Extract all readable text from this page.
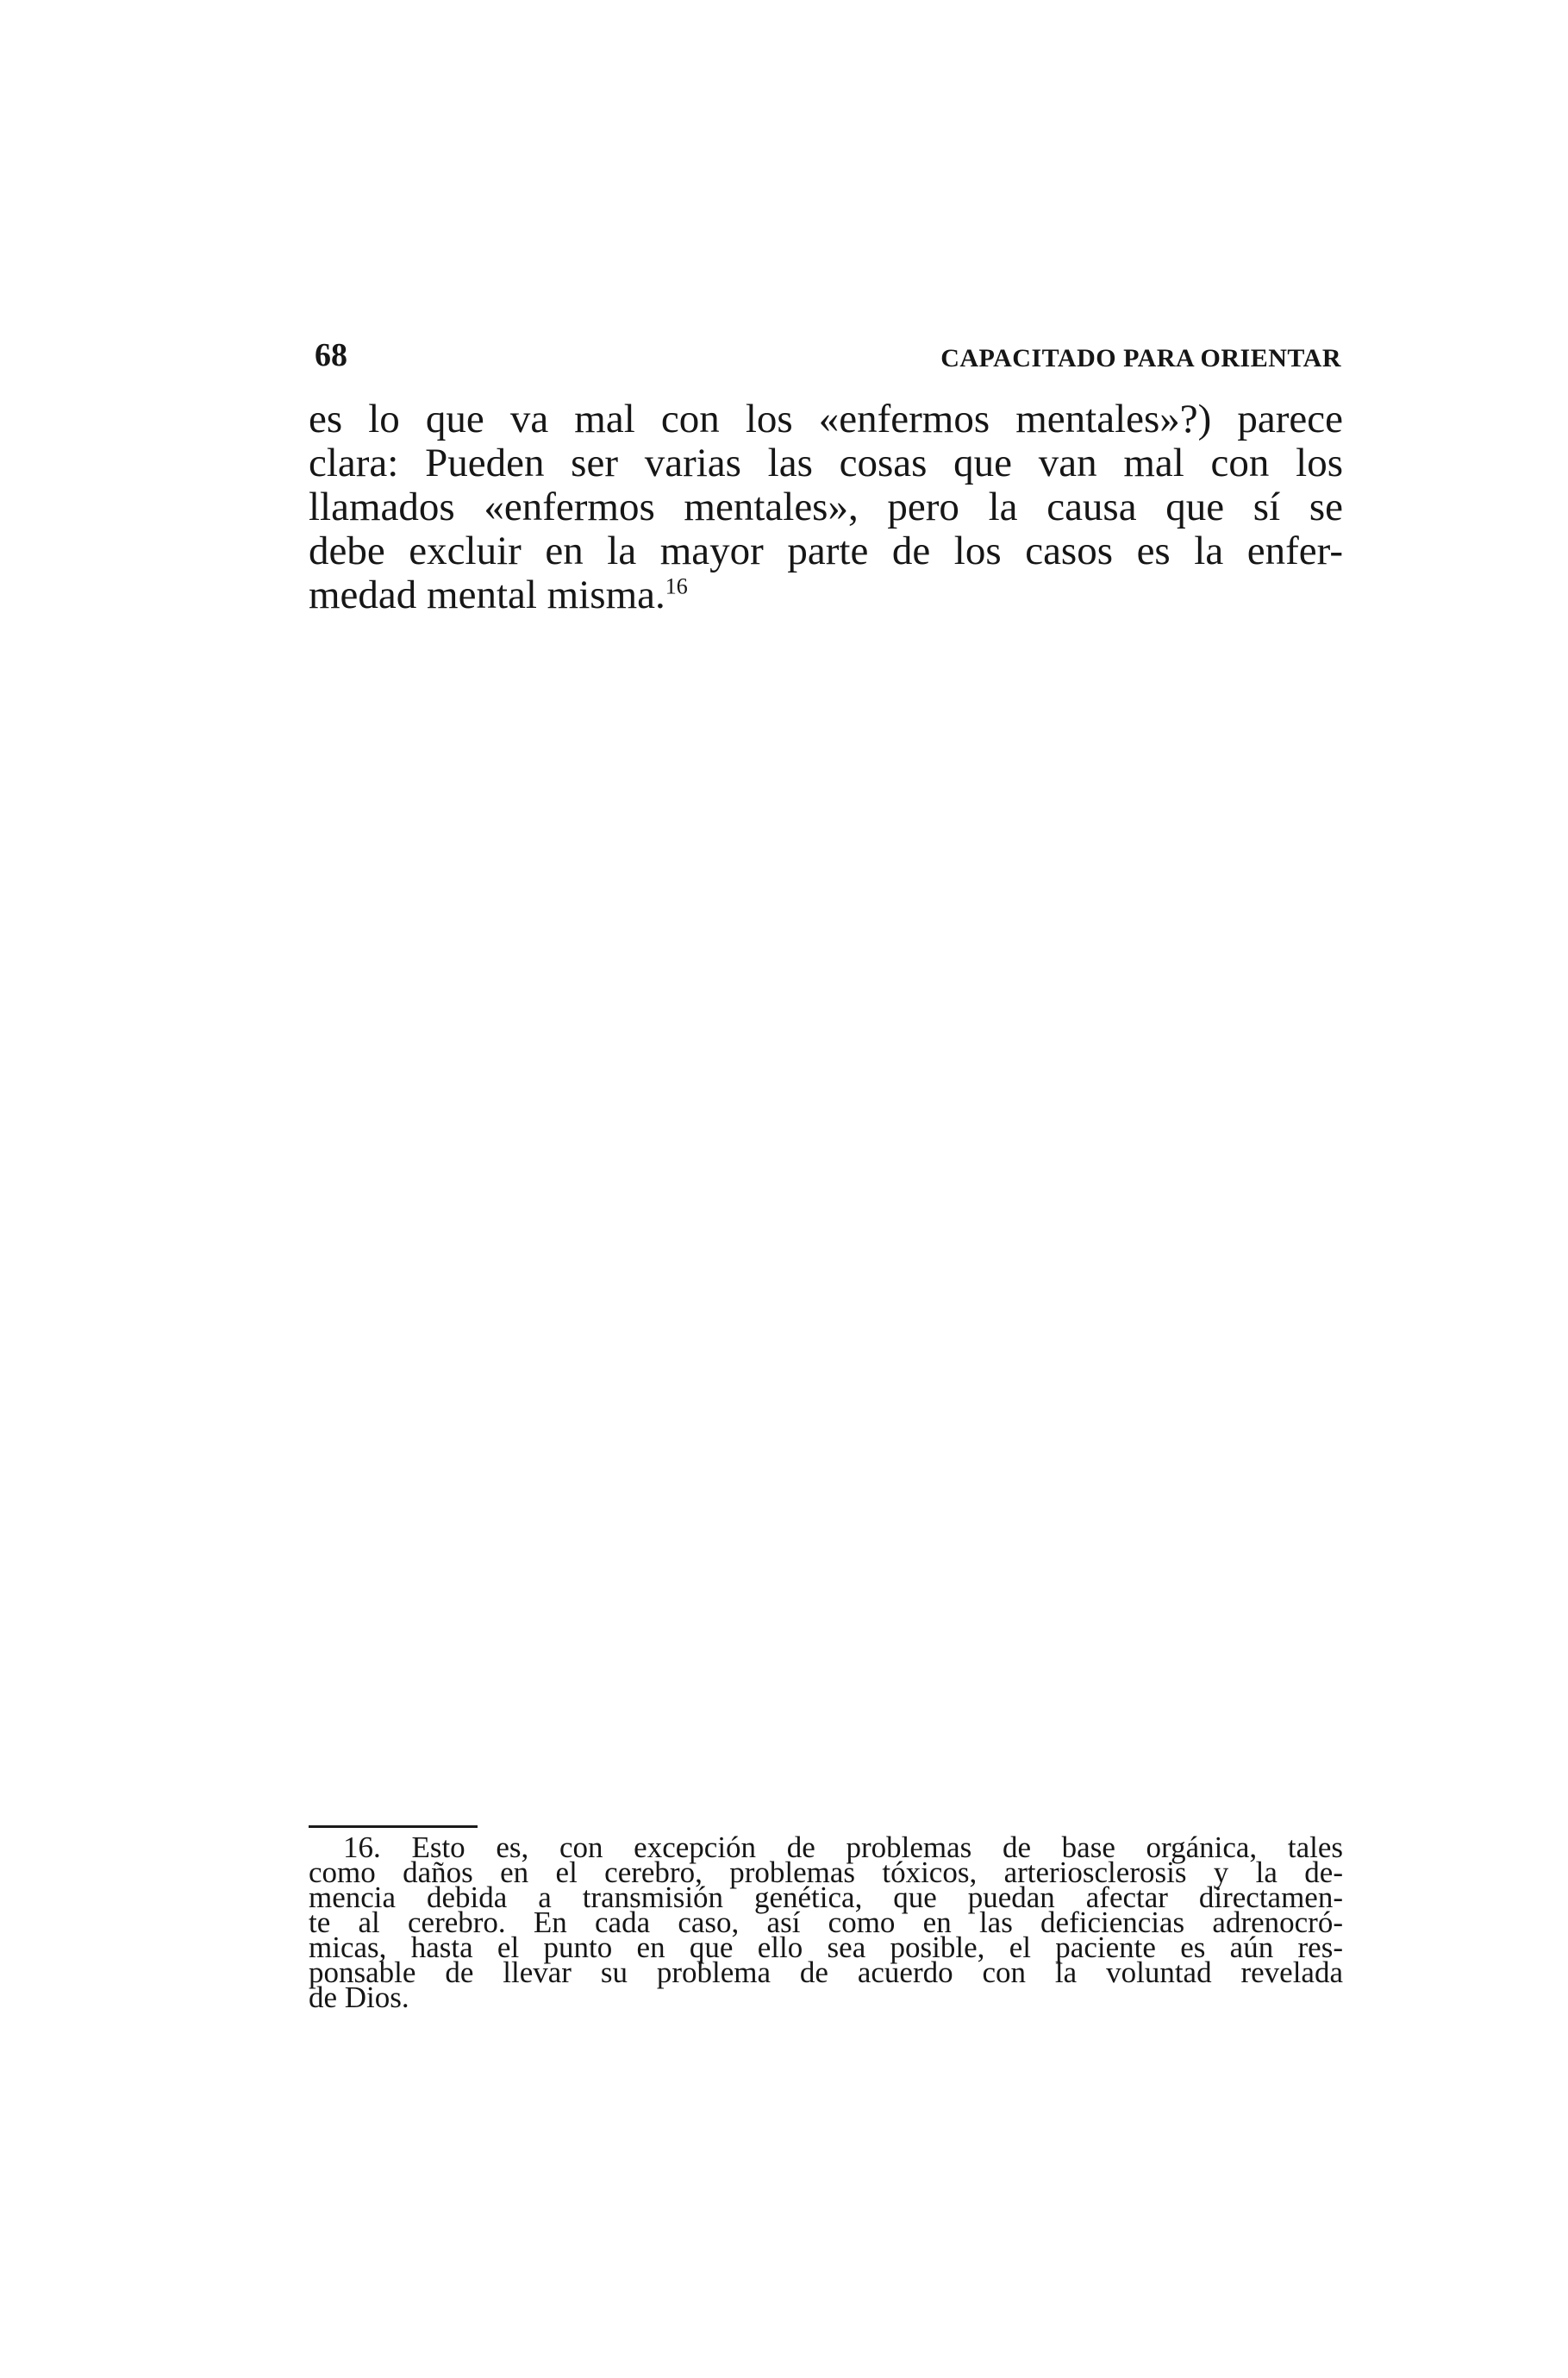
68	CAPACITADO PARA ORIENTAR
es lo que va mal con los «enfermos mentales»?) parece
clara: Pueden ser varias las cosas que van mal con los
llamados «enfermos mentales», pero la causa que sí se
debe excluir en la mayor parte de los casos es la enfer-
medad mental misma.$^{16}$
16. Esto es, con excepción de problemas de base orgánica, tales
como daños en el cerebro, problemas tóxicos, arteriosclerosis y la de-
mencia debida a transmisión genética, que puedan afectar directamen-
te al cerebro. En cada caso, así como en las deficiencias adrenocró-
micas, hasta el punto en que ello sea posible, el paciente es aún res-
ponsable de llevar su problema de acuerdo con la voluntad revelada
de Dios.
